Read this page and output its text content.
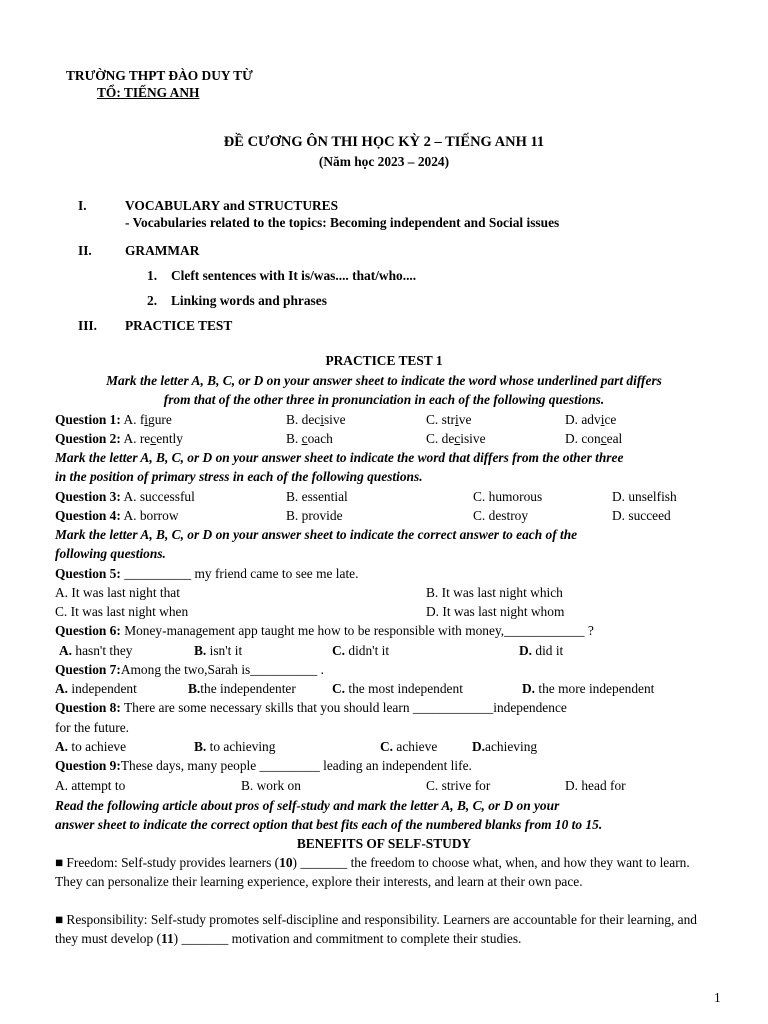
TRƯỜNG THPT ĐÀO DUY TỪ
TỔ: TIẾNG ANH
ĐỀ CƯƠNG ÔN THI HỌC KỲ 2 – TIẾNG ANH 11
(Năm học 2023 – 2024)
I.	VOCABULARY and STRUCTURES
- Vocabularies related to the topics: Becoming independent and Social issues
II. GRAMMAR
1. Cleft sentences with It is/was.... that/who....
2. Linking words and phrases
III. PRACTICE TEST
PRACTICE TEST 1
Mark the letter A, B, C, or D on your answer sheet to indicate the word whose underlined part differs
from that of the other three in pronunciation in each of the following questions.
Question 1: A. figure	B. decisive	C. strive	D. advice
Question 2: A. recently	B. coach	C. decisive	D. conceal
Mark the letter A, B, C, or D on your answer sheet to indicate the word that differs from the other three
in the position of primary stress in each of the following questions.
Question 3: A. successful	B. essential	C. humorous	D. unselfish
Question 4: A. borrow	B. provide	C. destroy	D. succeed
Mark the letter A, B, C, or D on your answer sheet to indicate the correct answer to each of the
following questions.
Question 5: __________ my friend came to see me late.
A. It was last night that	B. It was last night which
C. It was last night when	D. It was last night whom
Question 6: Money-management app taught me how to be responsible with money,____________ ?
A. hasn't they	B. isn't it	C. didn't it	D. did it
Question 7:Among the two,Sarah is__________ .
A. independent	B.the independenter	C. the most independent	D. the more independent
Question 8: There are some necessary skills that you should learn ____________independence
for the future.
A. to achieve	B. to achieving	C. achieve	D.achieving
Question 9:These days, many people _________ leading an independent life.
A. attempt to	B. work on	C. strive for	D. head for
Read the following article about pros of self-study and mark the letter A, B, C, or D on your
answer sheet to indicate the correct option that best fits each of the numbered blanks from 10 to 15.
BENEFITS OF SELF-STUDY
■ Freedom: Self-study provides learners (10) _______ the freedom to choose what, when, and how they want to learn. They can personalize their learning experience, explore their interests, and learn at their own pace.
■ Responsibility: Self-study promotes self-discipline and responsibility. Learners are accountable for their learning, and they must develop (11) _______ motivation and commitment to complete their studies.
1
